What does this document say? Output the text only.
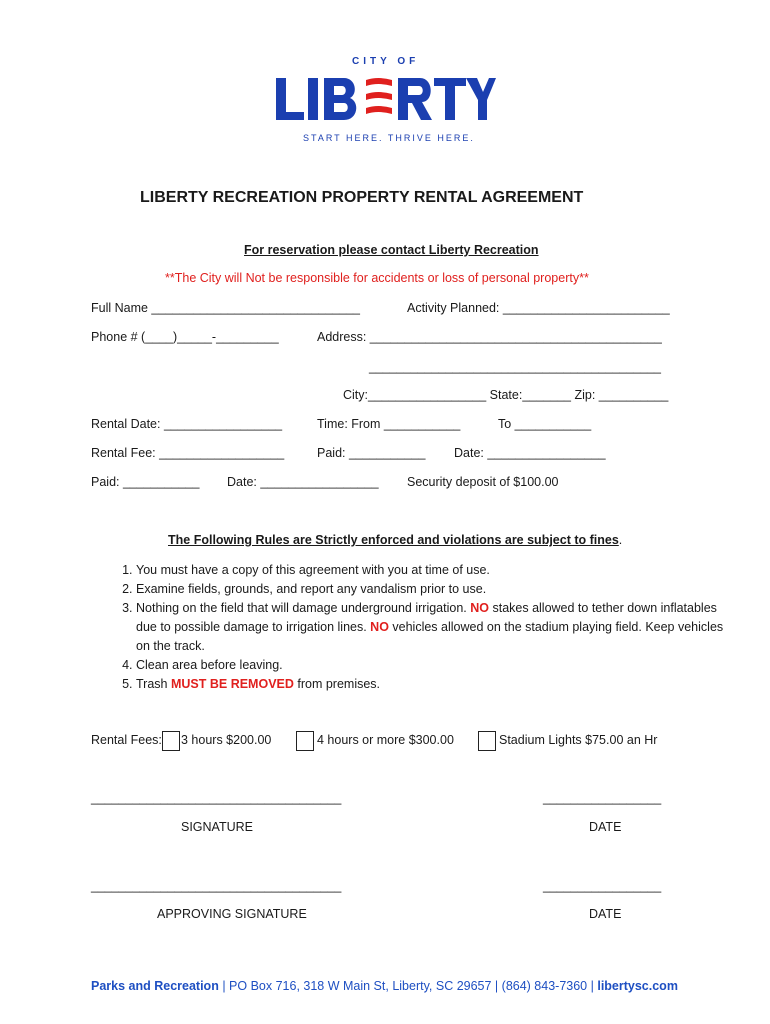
CITY OF
START HERE. THRIVE HERE.
LIBERTY RECREATION PROPERTY RENTAL AGREEMENT
For reservation please contact Liberty Recreation
**The City will Not be responsible for accidents or loss of personal property**
Full Name ______________________________	Activity Planned: ________________________
Phone # (____)_____-_________	Address: __________________________________________
__________________________________________
City:_________________ State:_______ Zip: __________
Rental Date: _________________	Time: From ___________	To ___________
Rental Fee: __________________	Paid: ___________ Date: _________________
Paid: ___________ Date: _________________ Security deposit of $100.00
The Following Rules are Strictly enforced and violations are subject to fines.
1. You must have a copy of this agreement with you at time of use.
2. Examine fields, grounds, and report any vandalism prior to use.
3. Nothing on the field that will damage underground irrigation. NO stakes allowed to tether down inflatables due to possible damage to irrigation lines. NO vehicles allowed on the stadium playing field. Keep vehicles on the track.
4. Clean area before leaving.
5. Trash MUST BE REMOVED from premises.
Rental Fees: 3 hours $200.00	4 hours or more $300.00	Stadium Lights $75.00 an Hr
____________________________________	_________________
SIGNATURE	DATE
____________________________________	_________________
APPROVING SIGNATURE	DATE
Parks and Recreation | PO Box 716, 318 W Main St, Liberty, SC 29657 | (864) 843-7360 | libertysc.com
